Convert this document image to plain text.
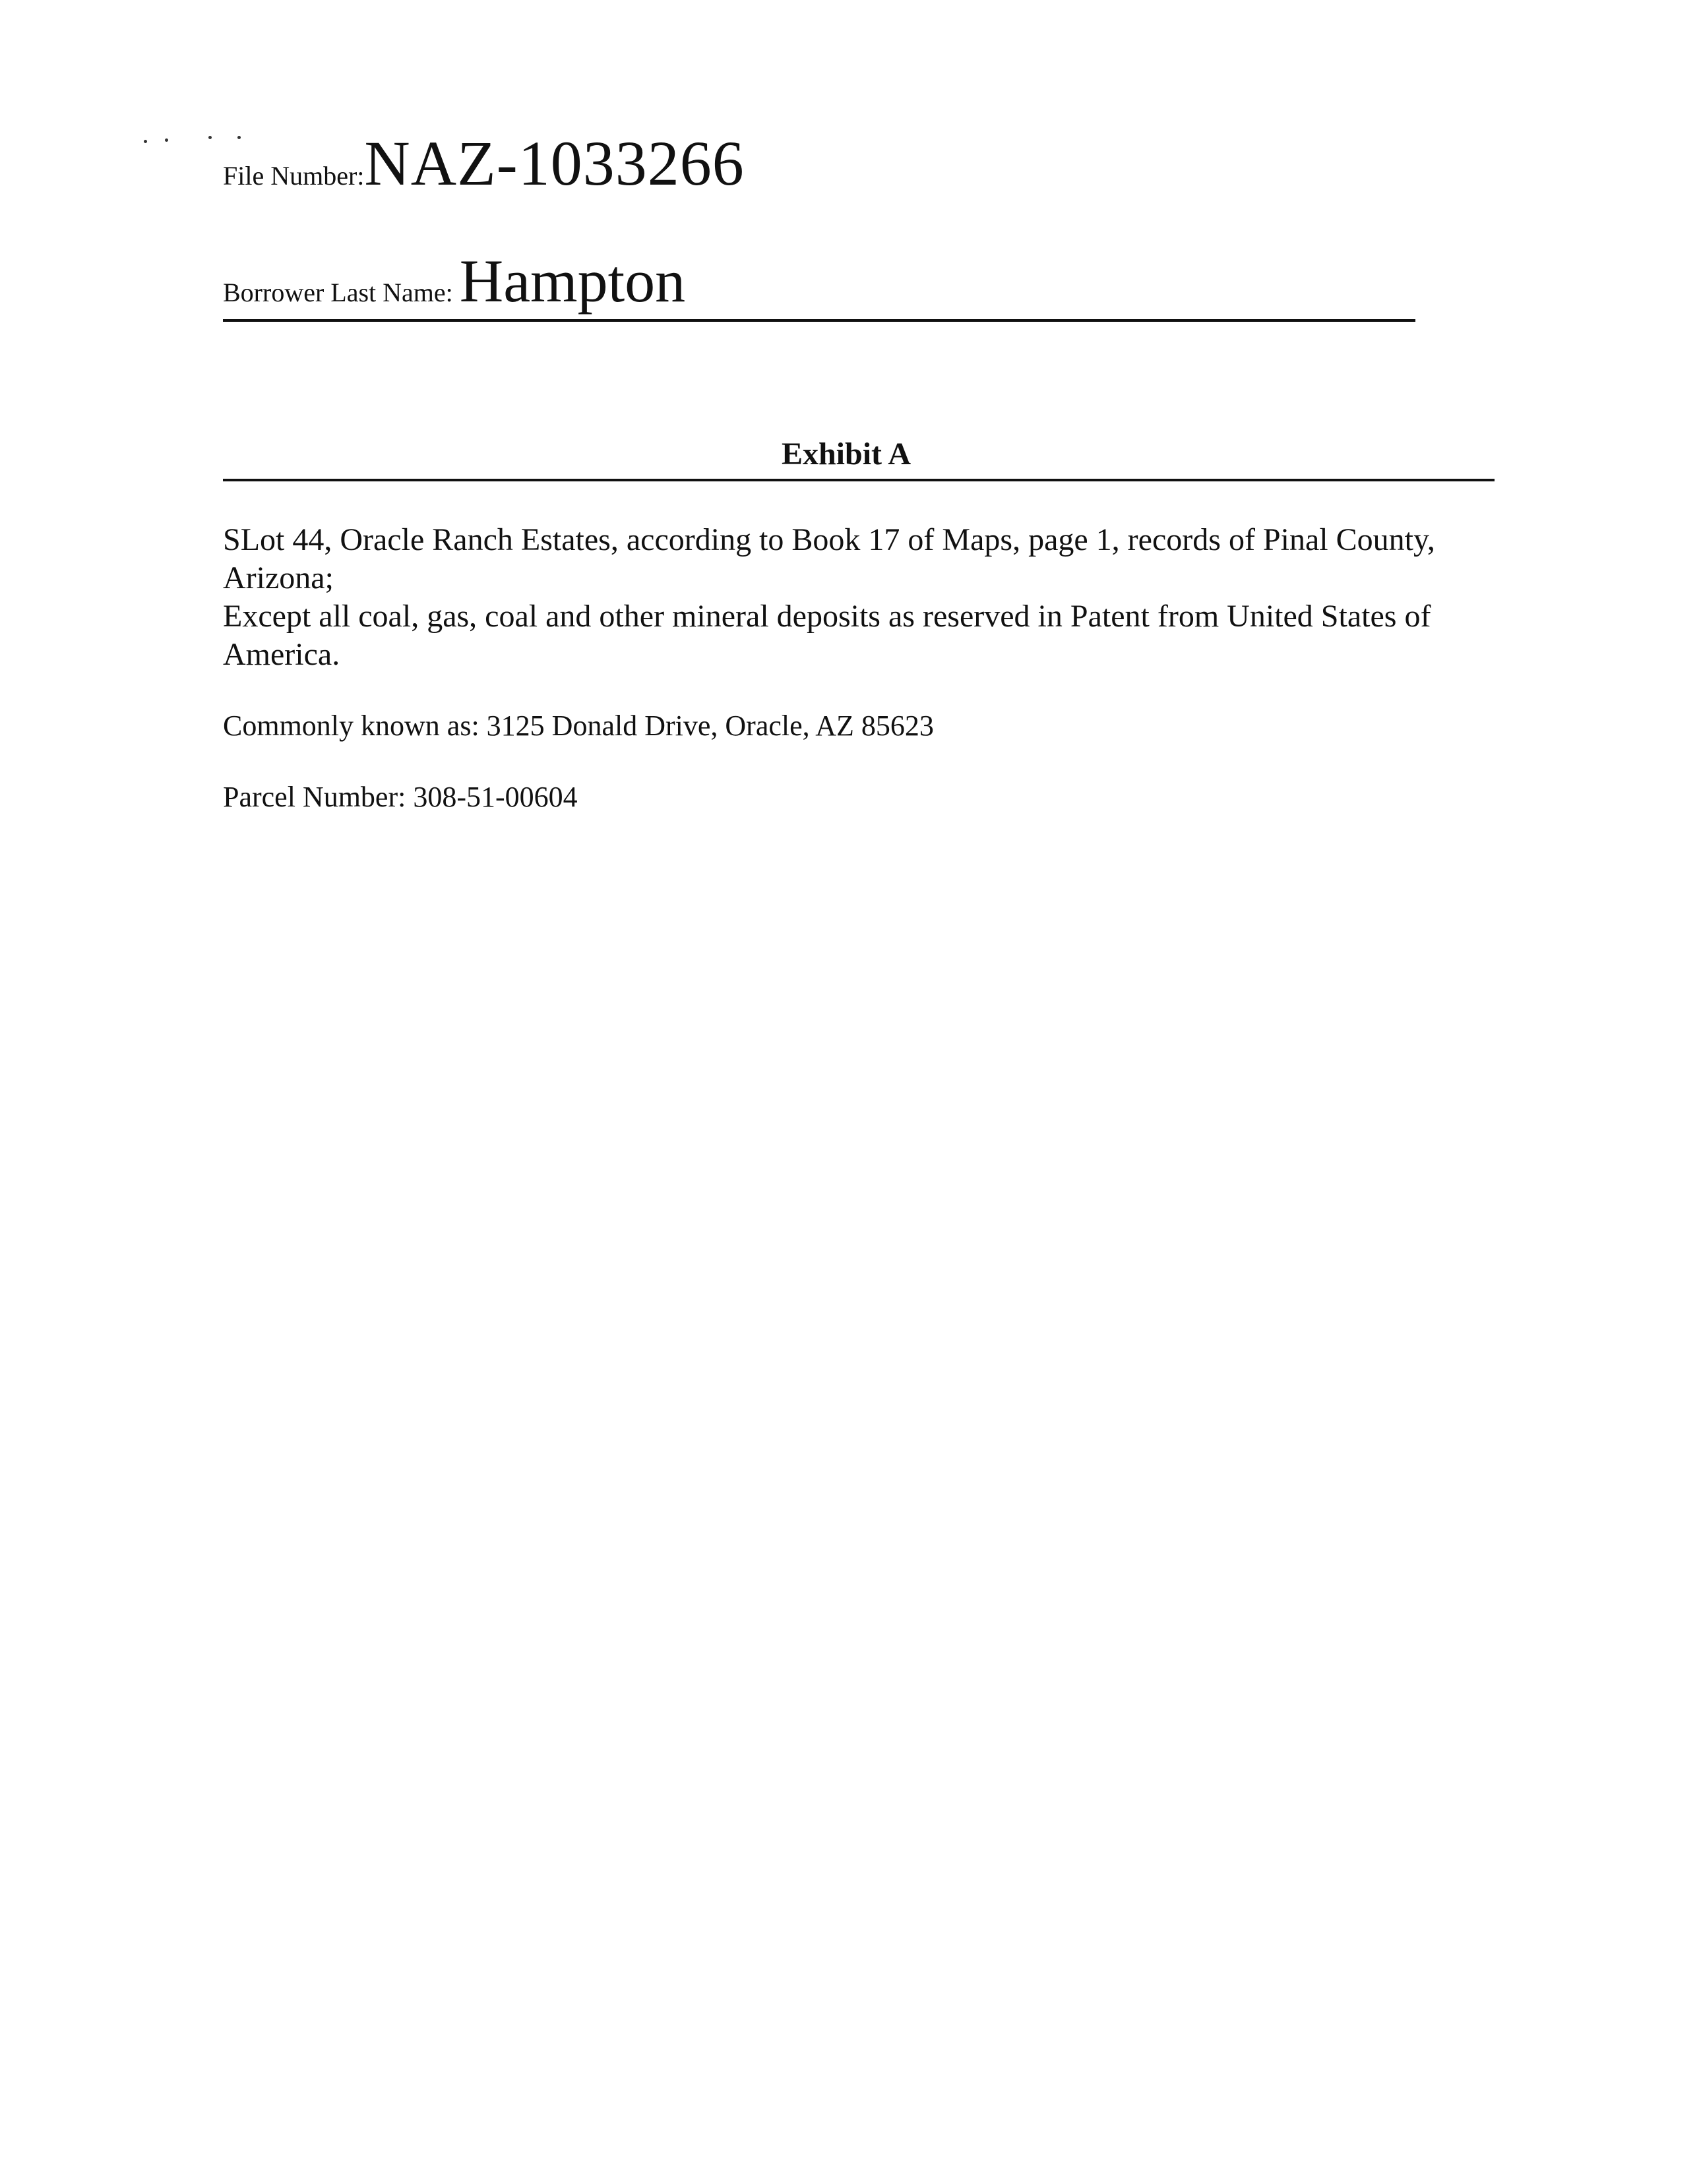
File Number:NAZ-1033266
Borrower Last Name: Hampton
Exhibit A
SLot 44, Oracle Ranch Estates, according to Book 17 of Maps, page 1, records of Pinal County,
Arizona;
Except all coal, gas, coal and other mineral deposits as reserved in Patent from United States of
America.
Commonly known as: 3125 Donald Drive, Oracle, AZ 85623
Parcel Number: 308-51-00604
